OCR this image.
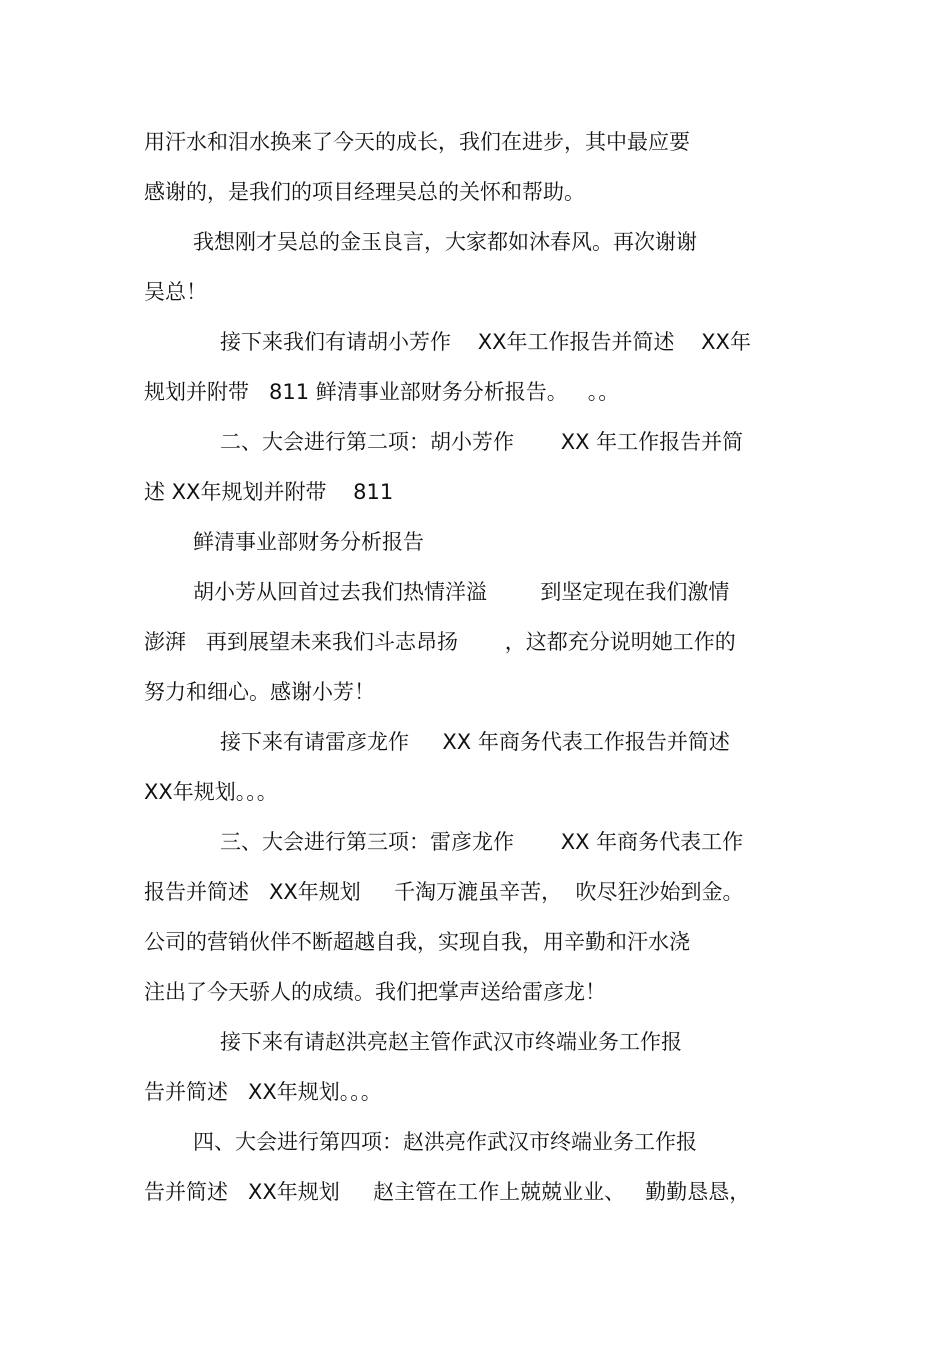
用汗水和泪水换来了今天的成长，我们在进步，其中最应要
感谢的，是我们的项目经理吴总的关怀和帮助。
我想刚才吴总的金玉良言，大家都如沐春风。再次谢谢
吴总！
接下来我们有请胡小芳作    XX年工作报告并简述    XX年
规划并附带   811 鲜清事业部财务分析报告。   。。
二、大会进行第二项：胡小芳作       XX 年工作报告并简
述 XX年规划并附带    811
鲜清事业部财务分析报告
胡小芳从回首过去我们热情洋溢        到坚定现在我们激情
澎湃   再到展望未来我们斗志昂扬       ，这都充分说明她工作的
努力和细心。感谢小芳！
接下来有请雷彦龙作     XX 年商务代表工作报告并简述
XX年规划。。。
三、大会进行第三项：雷彦龙作       XX 年商务代表工作
报告并简述   XX年规划     千淘万漉虽辛苦，  吹尽狂沙始到金。
公司的营销伙伴不断超越自我，实现自我，用辛勤和汗水浇
注出了今天骄人的成绩。我们把掌声送给雷彦龙！
接下来有请赵洪亮赵主管作武汉市终端业务工作报
告并简述   XX年规划。。。
四、大会进行第四项：赵洪亮作武汉市终端业务工作报
告并简述   XX年规划     赵主管在工作上兢兢业业、   勤勤恳恳，
